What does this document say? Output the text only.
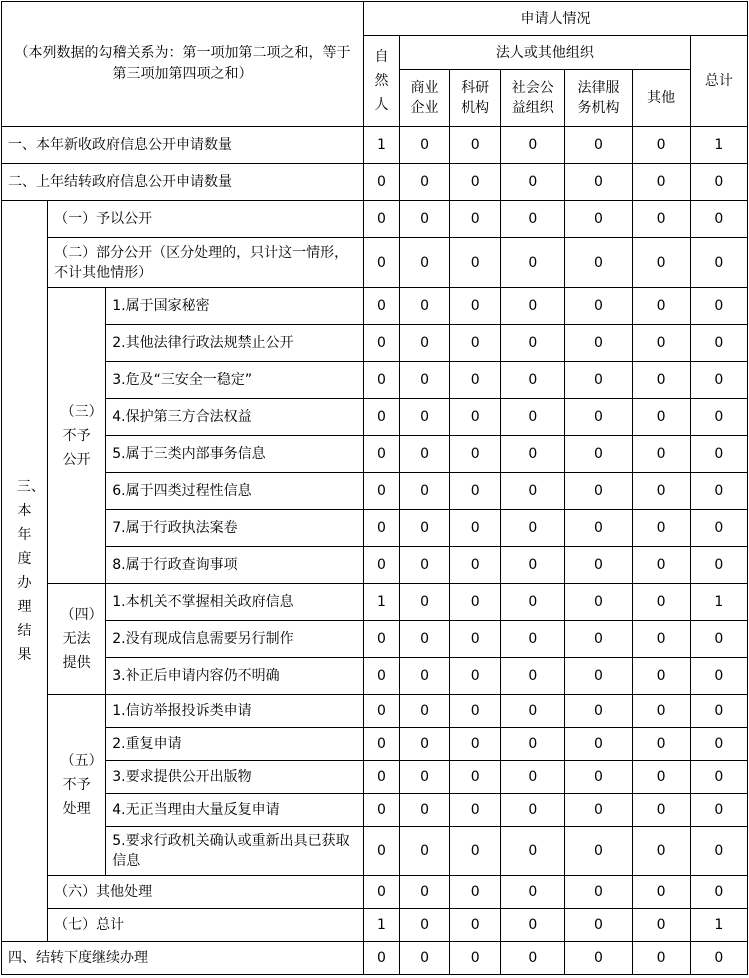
（本列数据的勾稽关系为：第一项加第二项之和，等于第三项加第四项之和）			申请人情况						
			自然人	法人或其他组织					总计
				商业企业	科研机构	社会公益组织	法律服务机构	其他	
一、本年新收政府信息公开申请数量			1	0	0	0	0	0	1
二、上年结转政府信息公开申请数量			0	0	0	0	0	0	0
三、本年度办理结果	（一）予以公开		0	0	0	0	0	0	0
	（二）部分公开（区分处理的，只计这一情形，不计其他情形）		0	0	0	0	0	0	0
	（三）不予公开	1.属于国家秘密	0	0	0	0	0	0	0
		2.其他法律行政法规禁止公开	0	0	0	0	0	0	0
		3.危及“三安全一稳定”	0	0	0	0	0	0	0
		4.保护第三方合法权益	0	0	0	0	0	0	0
		5.属于三类内部事务信息	0	0	0	0	0	0	0
		6.属于四类过程性信息	0	0	0	0	0	0	0
		7.属于行政执法案卷	0	0	0	0	0	0	0
		8.属于行政查询事项	0	0	0	0	0	0	0
	（四）无法提供	1.本机关不掌握相关政府信息	1	0	0	0	0	0	1
		2.没有现成信息需要另行制作	0	0	0	0	0	0	0
		3.补正后申请内容仍不明确	0	0	0	0	0	0	0
	（五）不予处理	1.信访举报投诉类申请	0	0	0	0	0	0	0
		2.重复申请	0	0	0	0	0	0	0
		3.要求提供公开出版物	0	0	0	0	0	0	0
		4.无正当理由大量反复申请	0	0	0	0	0	0	0
		5.要求行政机关确认或重新出具已获取信息	0	0	0	0	0	0	0
	（六）其他处理		0	0	0	0	0	0	0
	（七）总计		1	0	0	0	0	0	1
四、结转下度继续办理			0	0	0	0	0	0	0
